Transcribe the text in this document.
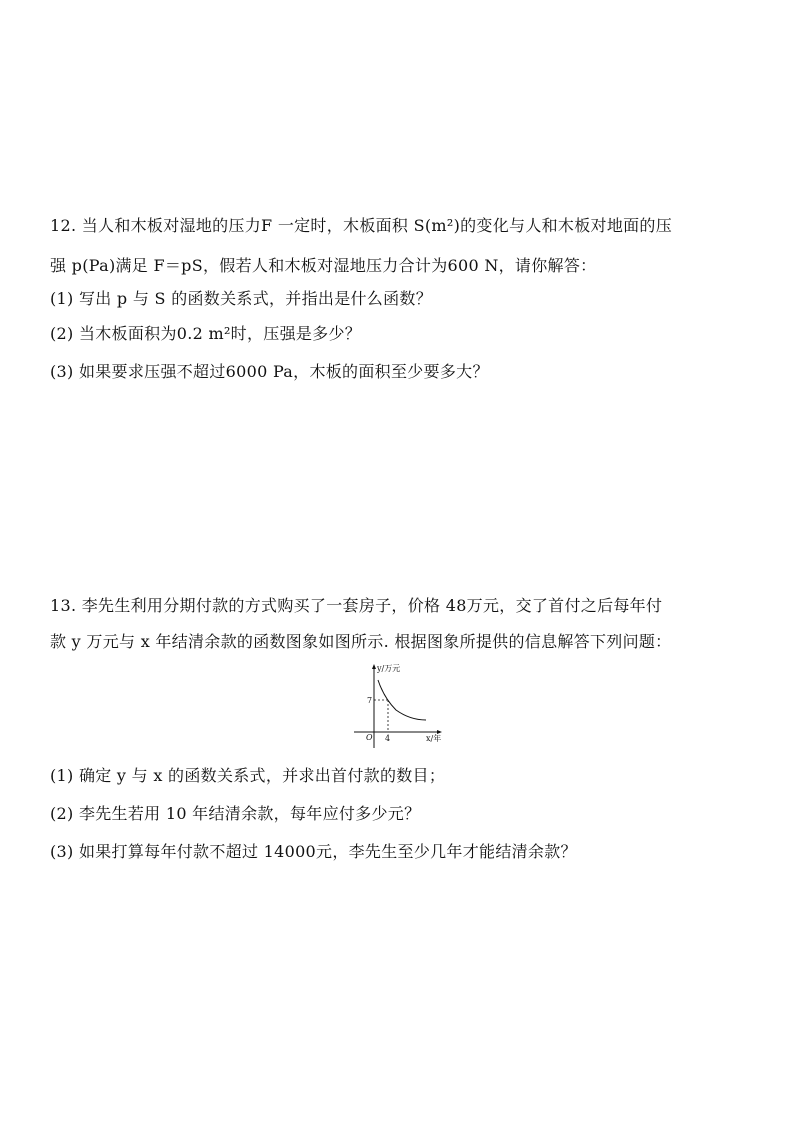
12. 当人和木板对湿地的压力F 一定时，木板面积 S(m²)的变化与人和木板对地面的压
强 p(Pa)满足 F＝pS，假若人和木板对湿地压力合计为600 N，请你解答：
(1) 写出 p 与 S 的函数关系式，并指出是什么函数？
(2) 当木板面积为0.2 m²时，压强是多少？
(3) 如果要求压强不超过6000 Pa，木板的面积至少要多大？
13. 李先生利用分期付款的方式购买了一套房子，价格 48万元，交了首付之后每年付
款 y 万元与 x 年结清余款的函数图象如图所示. 根据图象所提供的信息解答下列问题：
y/万元
x/年
O
7
4
(1) 确定 y 与 x 的函数关系式，并求出首付款的数目；
(2) 李先生若用 10 年结清余款，每年应付多少元？
(3) 如果打算每年付款不超过 14000元，李先生至少几年才能结清余款？
